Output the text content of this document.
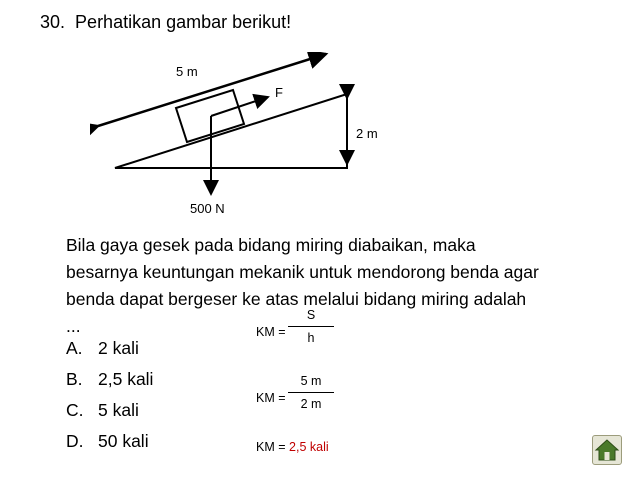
30. Perhatikan gambar berikut!
5 m
F
500 N
2 m
Bila gaya gesek pada bidang miring diabaikan, maka
besarnya keuntungan mekanik untuk mendorong benda agar
benda dapat bergeser ke atas melalui bidang miring adalah
...
A. 2 kali
B. 2,5 kali
C. 5 kali
D. 50 kali
KM =
S
h
KM =
5 m
2 m
KM = 2,5 kali
